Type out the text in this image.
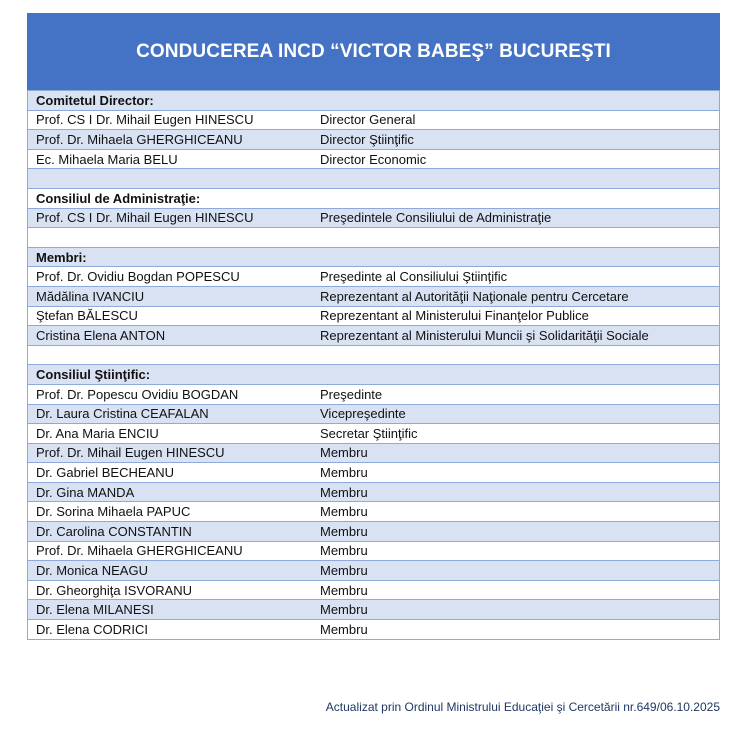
CONDUCEREA INCD “VICTOR BABEŞ” BUCUREŞTI
Comitetul Director:
Prof. CS I Dr. Mihail Eugen HINESCU	Director General
Prof. Dr. Mihaela GHERGHICEANU	Director Ştiinţific
Ec. Mihaela Maria BELU	Director Economic
Consiliul de Administraţie:
Prof. CS I Dr. Mihail Eugen HINESCU	Preşedintele Consiliului de Administraţie
Membri:
Prof. Dr. Ovidiu Bogdan POPESCU	Preşedinte al Consiliului Ştiinţific
Mădălina IVANCIU	Reprezentant al Autorităţii Naţionale pentru Cercetare
Ştefan BĂLESCU	Reprezentant al Ministerului Finanţelor Publice
Cristina Elena ANTON	Reprezentant al Ministerului Muncii şi Solidarităţii Sociale
Consiliul Ştiinţific:
Prof. Dr. Popescu Ovidiu BOGDAN	Preşedinte
Dr. Laura Cristina CEAFALAN	Vicepreşedinte
Dr. Ana Maria ENCIU	Secretar Ştiinţific
Prof. Dr. Mihail Eugen HINESCU	Membru
Dr. Gabriel BECHEANU	Membru
Dr. Gina MANDA	Membru
Dr. Sorina Mihaela PAPUC	Membru
Dr. Carolina CONSTANTIN	Membru
Prof. Dr. Mihaela GHERGHICEANU	Membru
Dr. Monica NEAGU	Membru
Dr. Gheorghiţa ISVORANU	Membru
Dr. Elena MILANESI	Membru
Dr. Elena CODRICI	Membru
Actualizat prin Ordinul Ministrului Educaţiei şi Cercetării nr.649/06.10.2025
